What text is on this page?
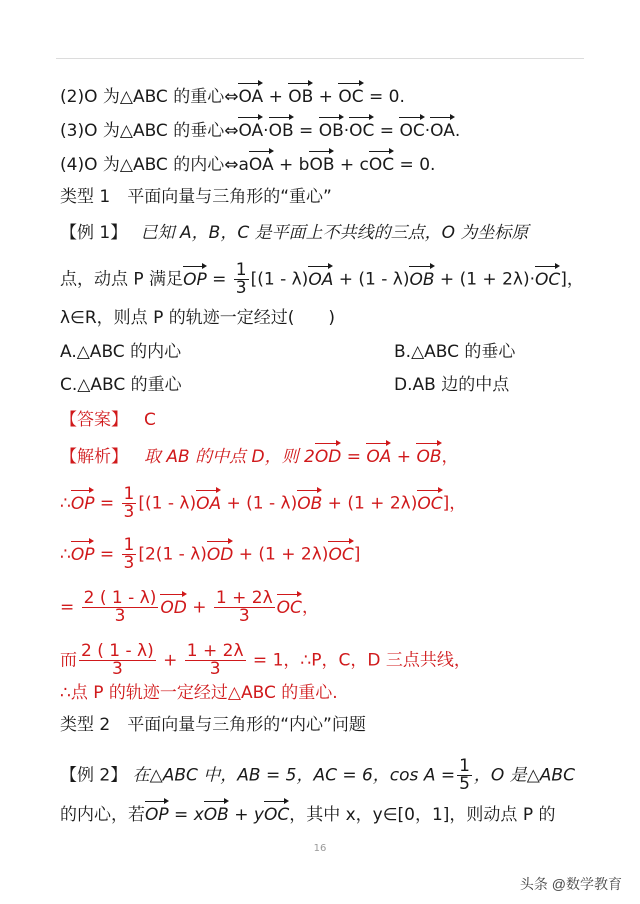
(2)O 为△ABC 的重心⇔OA + OB + OC = 0.
(3)O 为△ABC 的垂心⇔OA·OB = OB·OC = OC·OA.
(4)O 为△ABC 的内心⇔aOA + bOB + cOC = 0.
类型 1　平面向量与三角形的“重心”
【例 1】 已知 A，B，C 是平面上不共线的三点，O 为坐标原
点，动点 P 满足OP = $\frac{1}{3} [(1 - \lambda)OA + (1 - \lambda)OB + (1 + 2\lambda)\cdot OC]$，
λ∈R，则点 P 的轨迹一定经过(　　)
A.△ABC 的内心	B.△ABC 的垂心
C.△ABC 的重心	D.AB 边的中点
【答案】 C
【解析】 取 AB 的中点 D，则 2OD = OA + OB，
∴OP = $\frac{1}{3} [(1 - \lambda)OA + (1 - \lambda)OB + (1 + 2\lambda)OC]$，
∴OP = $\frac{1}{3} [2(1 - \lambda)OD + (1 + 2\lambda)OC]$
= $\frac{2 ( 1 - \lambda)}{3}$ OD + $\frac{1 + 2\lambda}{3}$ OC，
而 $\frac{2 ( 1 - \lambda)}{3} + \frac{1 + 2\lambda}{3} = 1$，∴P，C，D 三点共线，
∴点 P 的轨迹一定经过△ABC 的重心.
类型 2　平面向量与三角形的“内心”问题
【例 2】 在△ABC 中，AB = 5，AC = 6，$\cos A = \frac{1}{5}$ ，O 是△ABC
的内心，若OP = xOB + yOC，其中 x，y∈[0，1]，则动点 P 的
16
头条 @数学教育
